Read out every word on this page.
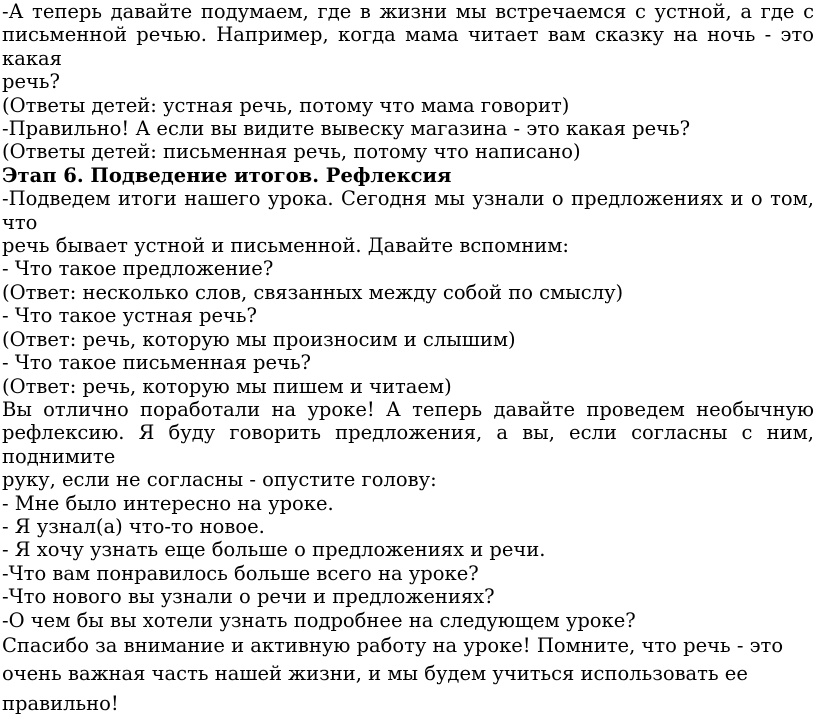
-А теперь давайте подумаем, где в жизни мы встречаемся с устной, а где с
письменной речью. Например, когда мама читает вам сказку на ночь - это какая
речь?
(Ответы детей: устная речь, потому что мама говорит)
-Правильно! А если вы видите вывеску магазина - это какая речь?
(Ответы детей: письменная речь, потому что написано)
Этап 6. Подведение итогов. Рефлексия
-Подведем итоги нашего урока. Сегодня мы узнали о предложениях и о том, что
речь бывает устной и письменной. Давайте вспомним:
- Что такое предложение?
(Ответ: несколько слов, связанных между собой по смыслу)
- Что такое устная речь?
(Ответ: речь, которую мы произносим и слышим)
- Что такое письменная речь?
(Ответ: речь, которую мы пишем и читаем)
Вы отлично поработали на уроке! А теперь давайте проведем необычную
рефлексию. Я буду говорить предложения, а вы, если согласны с ним, поднимите
руку, если не согласны - опустите голову:
- Мне было интересно на уроке.
- Я узнал(а) что-то новое.
- Я хочу узнать еще больше о предложениях и речи.
-Что вам понравилось больше всего на уроке?
-Что нового вы узнали о речи и предложениях?
-О чем бы вы хотели узнать подробнее на следующем уроке?
Спасибо за внимание и активную работу на уроке! Помните, что речь - это
очень важная часть нашей жизни, и мы будем учиться использовать ее
правильно!
